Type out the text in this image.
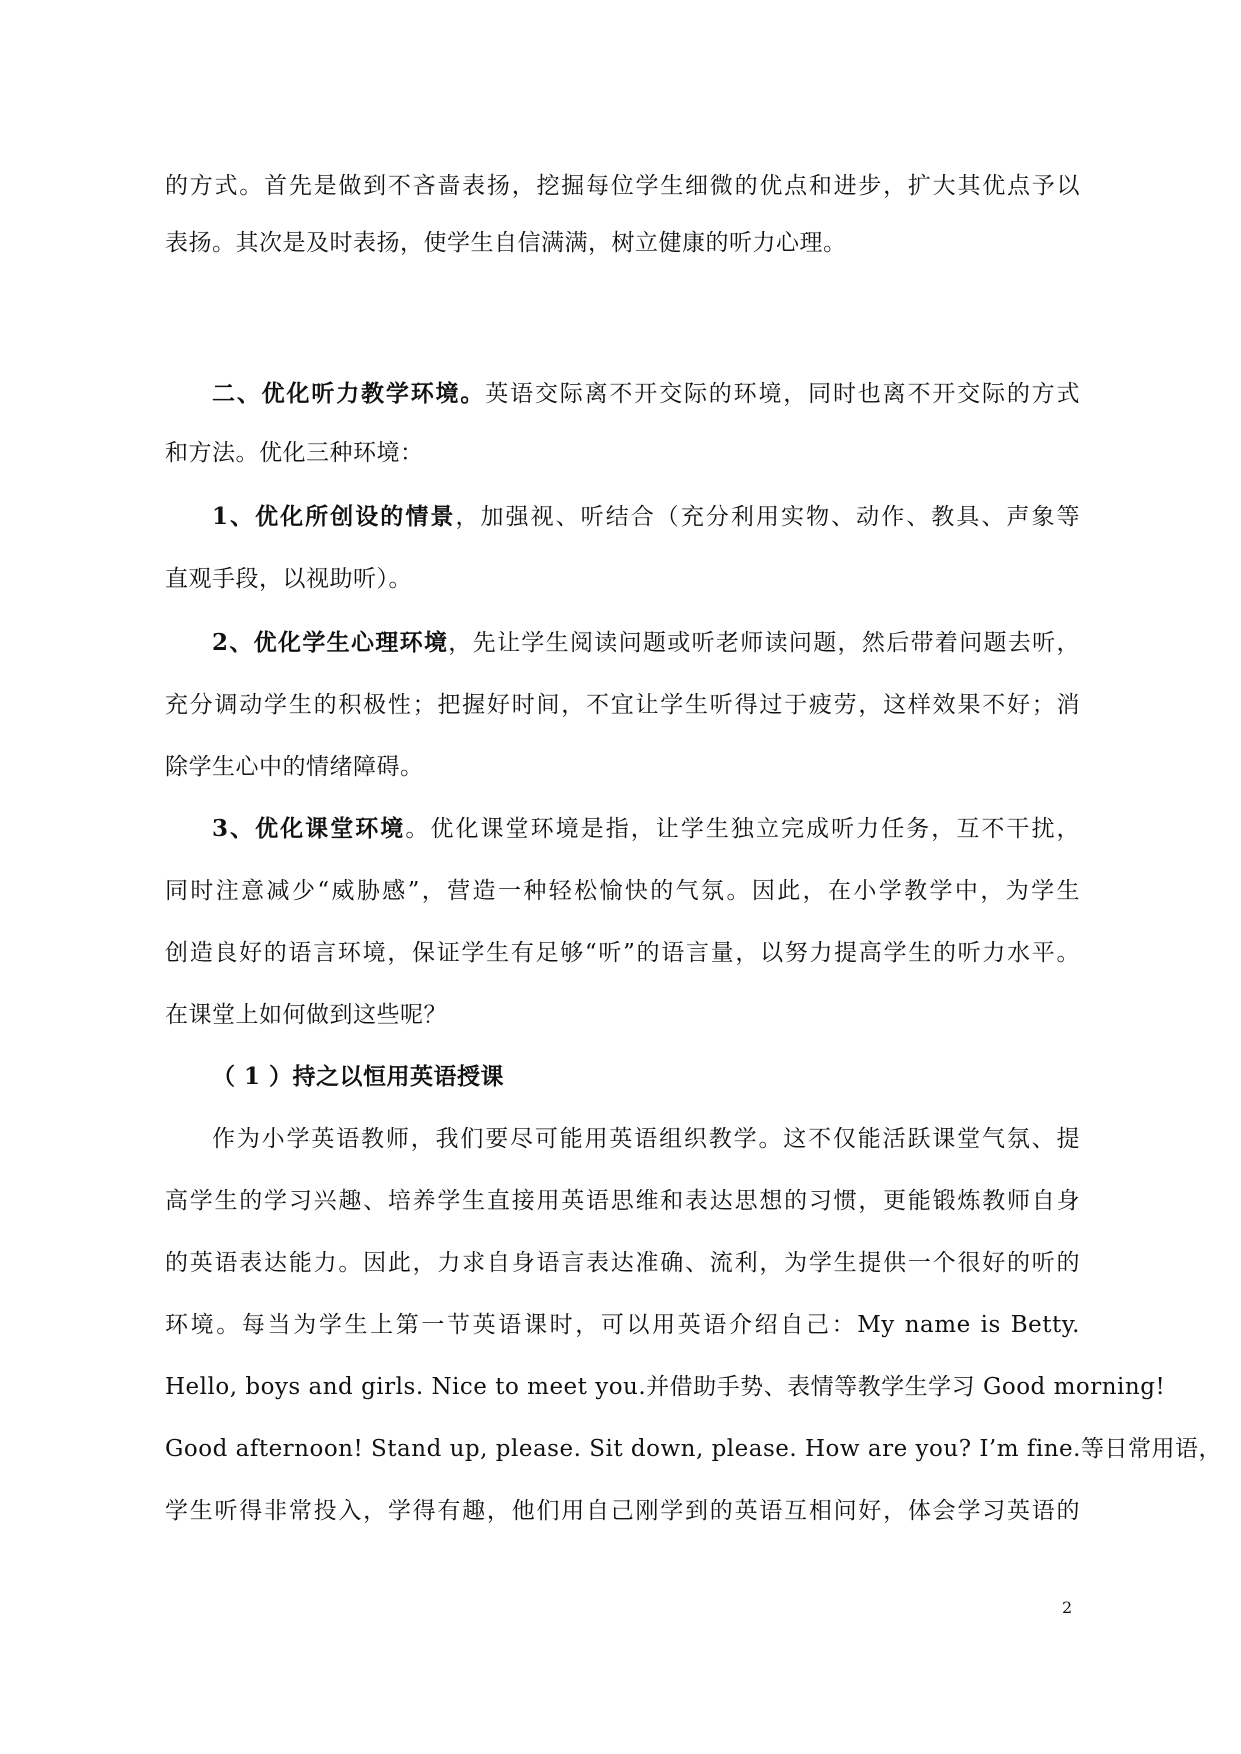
的方式。首先是做到不吝啬表扬，挖掘每位学生细微的优点和进步，扩大其优点予以
表扬。其次是及时表扬，使学生自信满满，树立健康的听力心理。
二、优化听力教学环境。英语交际离不开交际的环境，同时也离不开交际的方式
和方法。优化三种环境：
1、优化所创设的情景，加强视、听结合（充分利用实物、动作、教具、声象等
直观手段，以视助听）。
2、优化学生心理环境，先让学生阅读问题或听老师读问题，然后带着问题去听，
充分调动学生的积极性；把握好时间，不宜让学生听得过于疲劳，这样效果不好；消
除学生心中的情绪障碍。
3、优化课堂环境。优化课堂环境是指，让学生独立完成听力任务，互不干扰，
同时注意减少“威胁感”，营造一种轻松愉快的气氛。因此，在小学教学中，为学生
创造良好的语言环境，保证学生有足够“听”的语言量，以努力提高学生的听力水平。
在课堂上如何做到这些呢？
（ 1 ）持之以恒用英语授课
作为小学英语教师，我们要尽可能用英语组织教学。这不仅能活跃课堂气氛、提
高学生的学习兴趣、培养学生直接用英语思维和表达思想的习惯，更能锻炼教师自身
的英语表达能力。因此，力求自身语言表达准确、流利，为学生提供一个很好的听的
环境。每当为学生上第一节英语课时，可以用英语介绍自己：My name is Betty.
Hello, boys and girls. Nice to meet you.并借助手势、表情等教学生学习 Good morning!
Good afternoon! Stand up, please. Sit down, please. How are you? I’m fine.等日常用语，
学生听得非常投入，学得有趣，他们用自己刚学到的英语互相问好，体会学习英语的
2
